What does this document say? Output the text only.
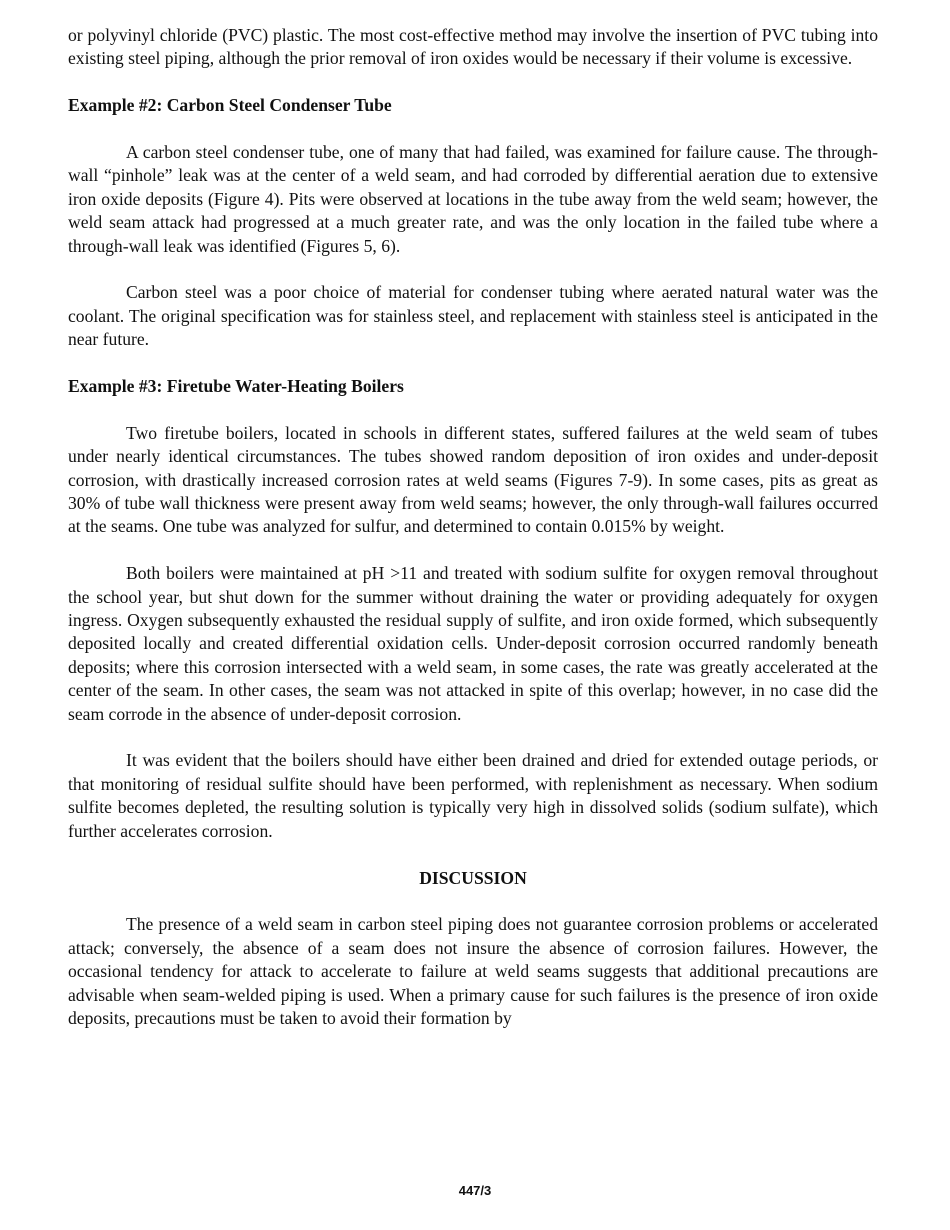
or polyvinyl chloride (PVC) plastic. The most cost-effective method may involve the insertion of PVC tubing into existing steel piping, although the prior removal of iron oxides would be necessary if their volume is excessive.

Example #2: Carbon Steel Condenser Tube

A carbon steel condenser tube, one of many that had failed, was examined for failure cause. The through-wall “pinhole” leak was at the center of a weld seam, and had corroded by differential aeration due to extensive iron oxide deposits (Figure 4). Pits were observed at locations in the tube away from the weld seam; however, the weld seam attack had progressed at a much greater rate, and was the only location in the failed tube where a through-wall leak was identified (Figures 5, 6).

Carbon steel was a poor choice of material for condenser tubing where aerated natural water was the coolant. The original specification was for stainless steel, and replacement with stainless steel is anticipated in the near future.

Example #3: Firetube Water-Heating Boilers

Two firetube boilers, located in schools in different states, suffered failures at the weld seam of tubes under nearly identical circumstances. The tubes showed random deposition of iron oxides and under-deposit corrosion, with drastically increased corrosion rates at weld seams (Figures 7-9). In some cases, pits as great as 30% of tube wall thickness were present away from weld seams; however, the only through-wall failures occurred at the seams. One tube was analyzed for sulfur, and determined to contain 0.015% by weight.

Both boilers were maintained at pH >11 and treated with sodium sulfite for oxygen removal throughout the school year, but shut down for the summer without draining the water or providing adequately for oxygen ingress. Oxygen subsequently exhausted the residual supply of sulfite, and iron oxide formed, which subsequently deposited locally and created differential oxidation cells. Under-deposit corrosion occurred randomly beneath deposits; where this corrosion intersected with a weld seam, in some cases, the rate was greatly accelerated at the center of the seam. In other cases, the seam was not attacked in spite of this overlap; however, in no case did the seam corrode in the absence of under-deposit corrosion.

It was evident that the boilers should have either been drained and dried for extended outage periods, or that monitoring of residual sulfite should have been performed, with replenishment as necessary. When sodium sulfite becomes depleted, the resulting solution is typically very high in dissolved solids (sodium sulfate), which further accelerates corrosion.

DISCUSSION

The presence of a weld seam in carbon steel piping does not guarantee corrosion problems or accelerated attack; conversely, the absence of a seam does not insure the absence of corrosion failures. However, the occasional tendency for attack to accelerate to failure at weld seams suggests that additional precautions are advisable when seam-welded piping is used. When a primary cause for such failures is the presence of iron oxide deposits, precautions must be taken to avoid their formation by

447/3
